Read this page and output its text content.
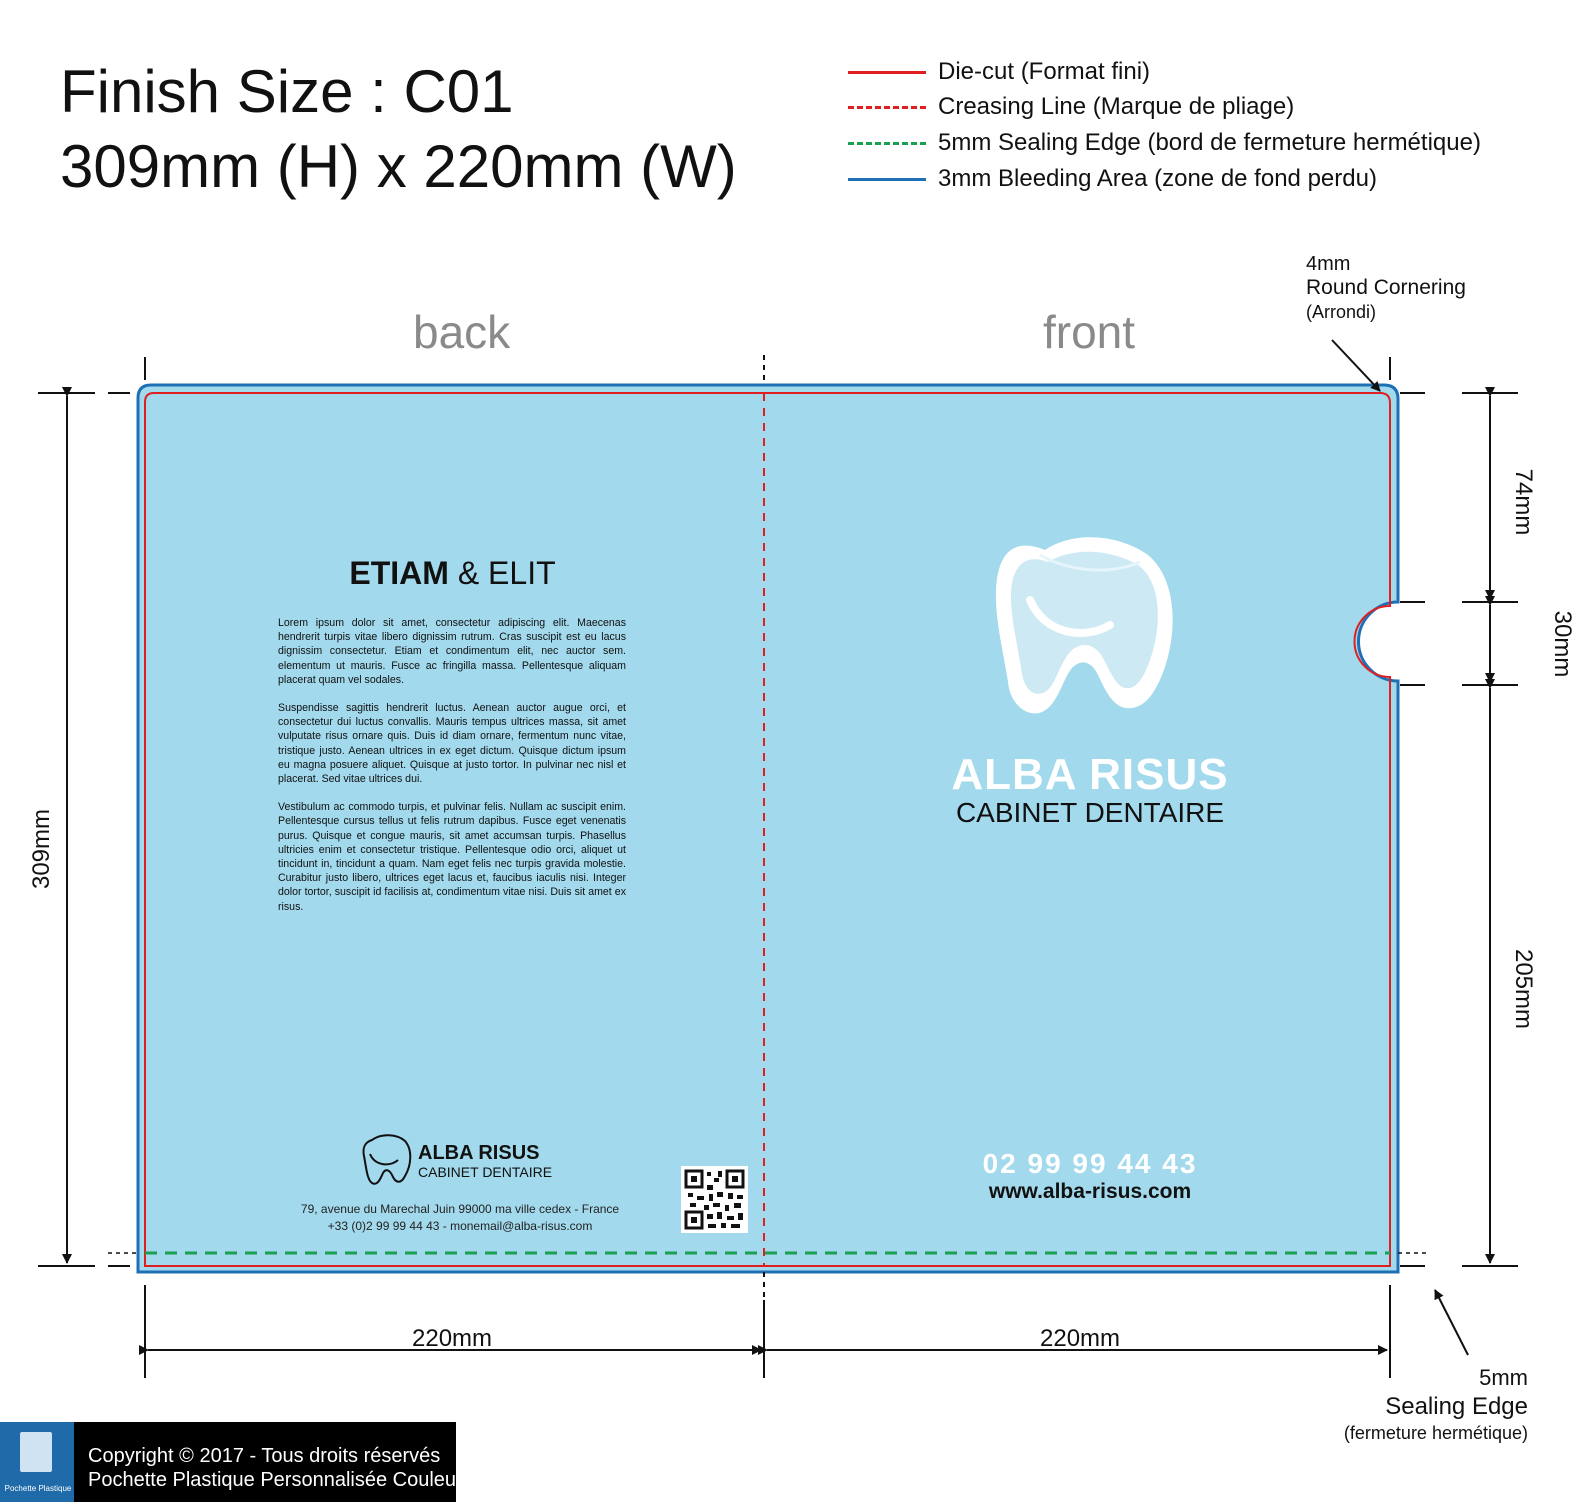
Finish Size : C01
309mm (H) x 220mm (W)
Die-cut (Format fini)
Creasing Line (Marque de pliage)
5mm Sealing Edge (bord de fermeture hermétique)
3mm Bleeding Area (zone de fond perdu)
back	front
4mm
Round Cornering
(Arrondi)
5mm
Sealing Edge
(fermeture hermétique)
220mm	220mm
309mm
74mm
30mm
205mm
ETIAM & ELIT

Lorem ipsum dolor sit amet, consectetur adipiscing elit. Maecenas hendrerit turpis vitae libero dignissim rutrum. Cras suscipit est eu lacus dignissim consectetur. Etiam et condimentum elit, nec auctor sem. elementum ut mauris. Fusce ac fringilla massa. Pellentesque aliquam placerat quam vel sodales.

Suspendisse sagittis hendrerit luctus. Aenean auctor augue orci, et consectetur dui luctus convallis. Mauris tempus ultrices massa, sit amet vulputate risus ornare quis. Duis id diam ornare, fermentum nunc vitae, tristique justo. Aenean ultrices in ex eget dictum. Quisque dictum ipsum eu magna posuere aliquet. Quisque at justo tortor. In pulvinar nec nisl et placerat. Sed vitae ultrices dui.

Vestibulum ac commodo turpis, et pulvinar felis. Nullam ac suscipit enim. Pellentesque cursus tellus ut felis rutrum dapibus. Fusce eget venenatis purus. Quisque et congue mauris, sit amet accumsan turpis. Phasellus ultricies enim et consectetur tristique. Pellentesque odio orci, aliquet ut tincidunt in, tincidunt a quam. Nam eget felis nec turpis gravida molestie. Curabitur justo libero, ultrices eget lacus et, faucibus iaculis nisi. Integer dolor tortor, suscipit id facilisis at, condimentum vitae nisi. Duis sit amet ex risus.

ALBA RISUS
CABINET DENTAIRE
79, avenue du Marechal Juin 99000 ma ville cedex - France
+33 (0)2 99 99 44 43 - monemail@alba-risus.com
ALBA RISUS
CABINET DENTAIRE
02 99 99 44 43
www.alba-risus.com
Pochette Plastique
Copyright © 2017 - Tous droits réservés
Pochette Plastique Personnalisée Couleur
